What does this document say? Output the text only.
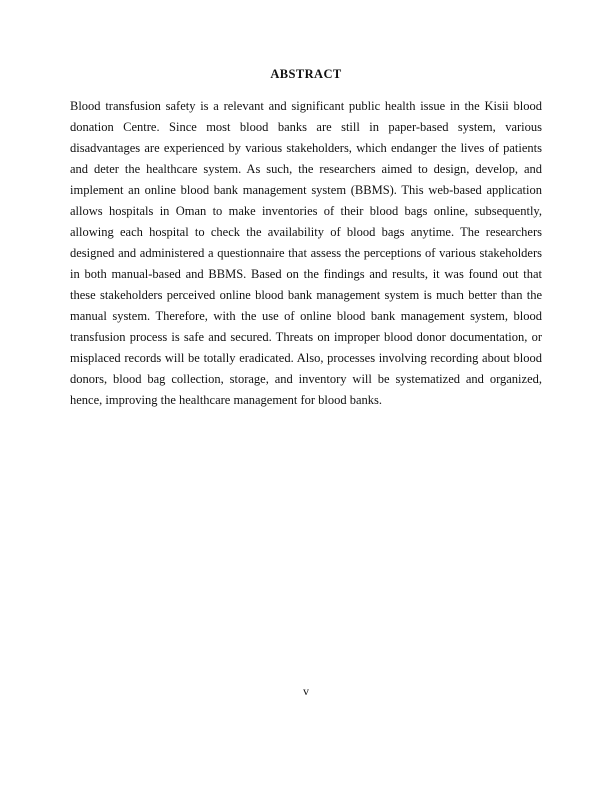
ABSTRACT

Blood transfusion safety is a relevant and significant public health issue in the Kisii blood donation Centre. Since most blood banks are still in paper-based system, various disadvantages are experienced by various stakeholders, which endanger the lives of patients and deter the healthcare system. As such, the researchers aimed to design, develop, and implement an online blood bank management system (BBMS). This web-based application allows hospitals in Oman to make inventories of their blood bags online, subsequently, allowing each hospital to check the availability of blood bags anytime. The researchers designed and administered a questionnaire that assess the perceptions of various stakeholders in both manual-based and BBMS. Based on the findings and results, it was found out that these stakeholders perceived online blood bank management system is much better than the manual system. Therefore, with the use of online blood bank management system, blood transfusion process is safe and secured. Threats on improper blood donor documentation, or misplaced records will be totally eradicated. Also, processes involving recording about blood donors, blood bag collection, storage, and inventory will be systematized and organized, hence, improving the healthcare management for blood banks.

v
